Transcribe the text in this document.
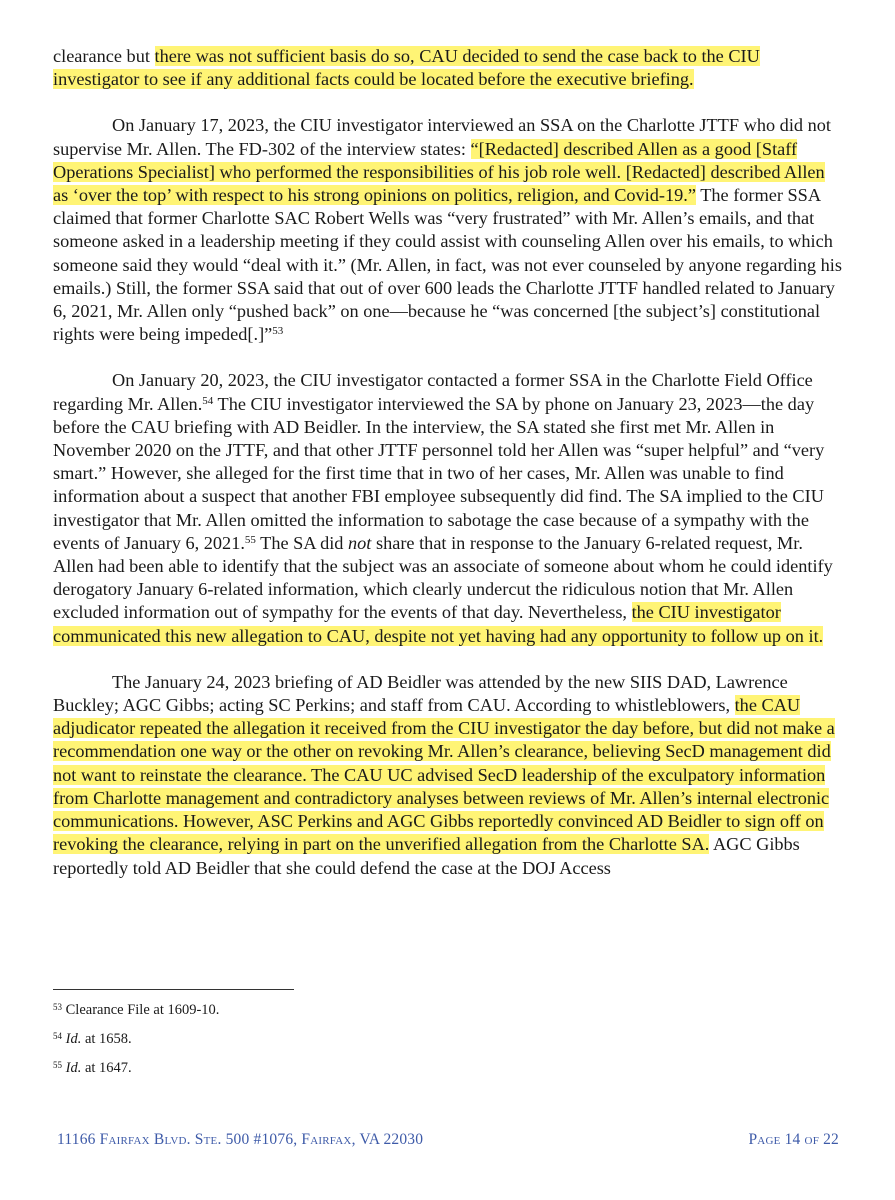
clearance but there was not sufficient basis do so, CAU decided to send the case back to the CIU investigator to see if any additional facts could be located before the executive briefing.

On January 17, 2023, the CIU investigator interviewed an SSA on the Charlotte JTTF who did not supervise Mr. Allen. The FD-302 of the interview states: “[Redacted] described Allen as a good [Staff Operations Specialist] who performed the responsibilities of his job role well. [Redacted] described Allen as ‘over the top’ with respect to his strong opinions on politics, religion, and Covid-19.” The former SSA claimed that former Charlotte SAC Robert Wells was “very frustrated” with Mr. Allen’s emails, and that someone asked in a leadership meeting if they could assist with counseling Allen over his emails, to which someone said they would “deal with it.” (Mr. Allen, in fact, was not ever counseled by anyone regarding his emails.) Still, the former SSA said that out of over 600 leads the Charlotte JTTF handled related to January 6, 2021, Mr. Allen only “pushed back” on one—because he “was concerned [the subject’s] constitutional rights were being impeded[.]”$^{53}$

On January 20, 2023, the CIU investigator contacted a former SSA in the Charlotte Field Office regarding Mr. Allen.$^{54}$ The CIU investigator interviewed the SA by phone on January 23, 2023—the day before the CAU briefing with AD Beidler. In the interview, the SA stated she first met Mr. Allen in November 2020 on the JTTF, and that other JTTF personnel told her Allen was “super helpful” and “very smart.” However, she alleged for the first time that in two of her cases, Mr. Allen was unable to find information about a suspect that another FBI employee subsequently did find. The SA implied to the CIU investigator that Mr. Allen omitted the information to sabotage the case because of a sympathy with the events of January 6, 2021.55 The SA did not share that in response to the January 6-related request, Mr. Allen had been able to identify that the subject was an associate of someone about whom he could identify derogatory January 6-related information, which clearly undercut the ridiculous notion that Mr. Allen excluded information out of sympathy for the events of that day. Nevertheless, the CIU investigator communicated this new allegation to CAU, despite not yet having had any opportunity to follow up on it.

The January 24, 2023 briefing of AD Beidler was attended by the new SIIS DAD, Lawrence Buckley; AGC Gibbs; acting SC Perkins; and staff from CAU. According to whistleblowers, the CAU adjudicator repeated the allegation it received from the CIU investigator the day before, but did not make a recommendation one way or the other on revoking Mr. Allen’s clearance, believing SecD management did not want to reinstate the clearance. The CAU UC advised SecD leadership of the exculpatory information from Charlotte management and contradictory analyses between reviews of Mr. Allen’s internal electronic communications. However, ASC Perkins and AGC Gibbs reportedly convinced AD Beidler to sign off on revoking the clearance, relying in part on the unverified allegation from the Charlotte SA. AGC Gibbs reportedly told AD Beidler that she could defend the case at the DOJ Access

$^{53}$ Clearance File at 1609-10.
$^{54}$ Id. at 1658.
$^{55}$ Id. at 1647.
11166 Fairfax Blvd. Ste. 500 #1076, Fairfax, VA 22030	Page 14 of 22
